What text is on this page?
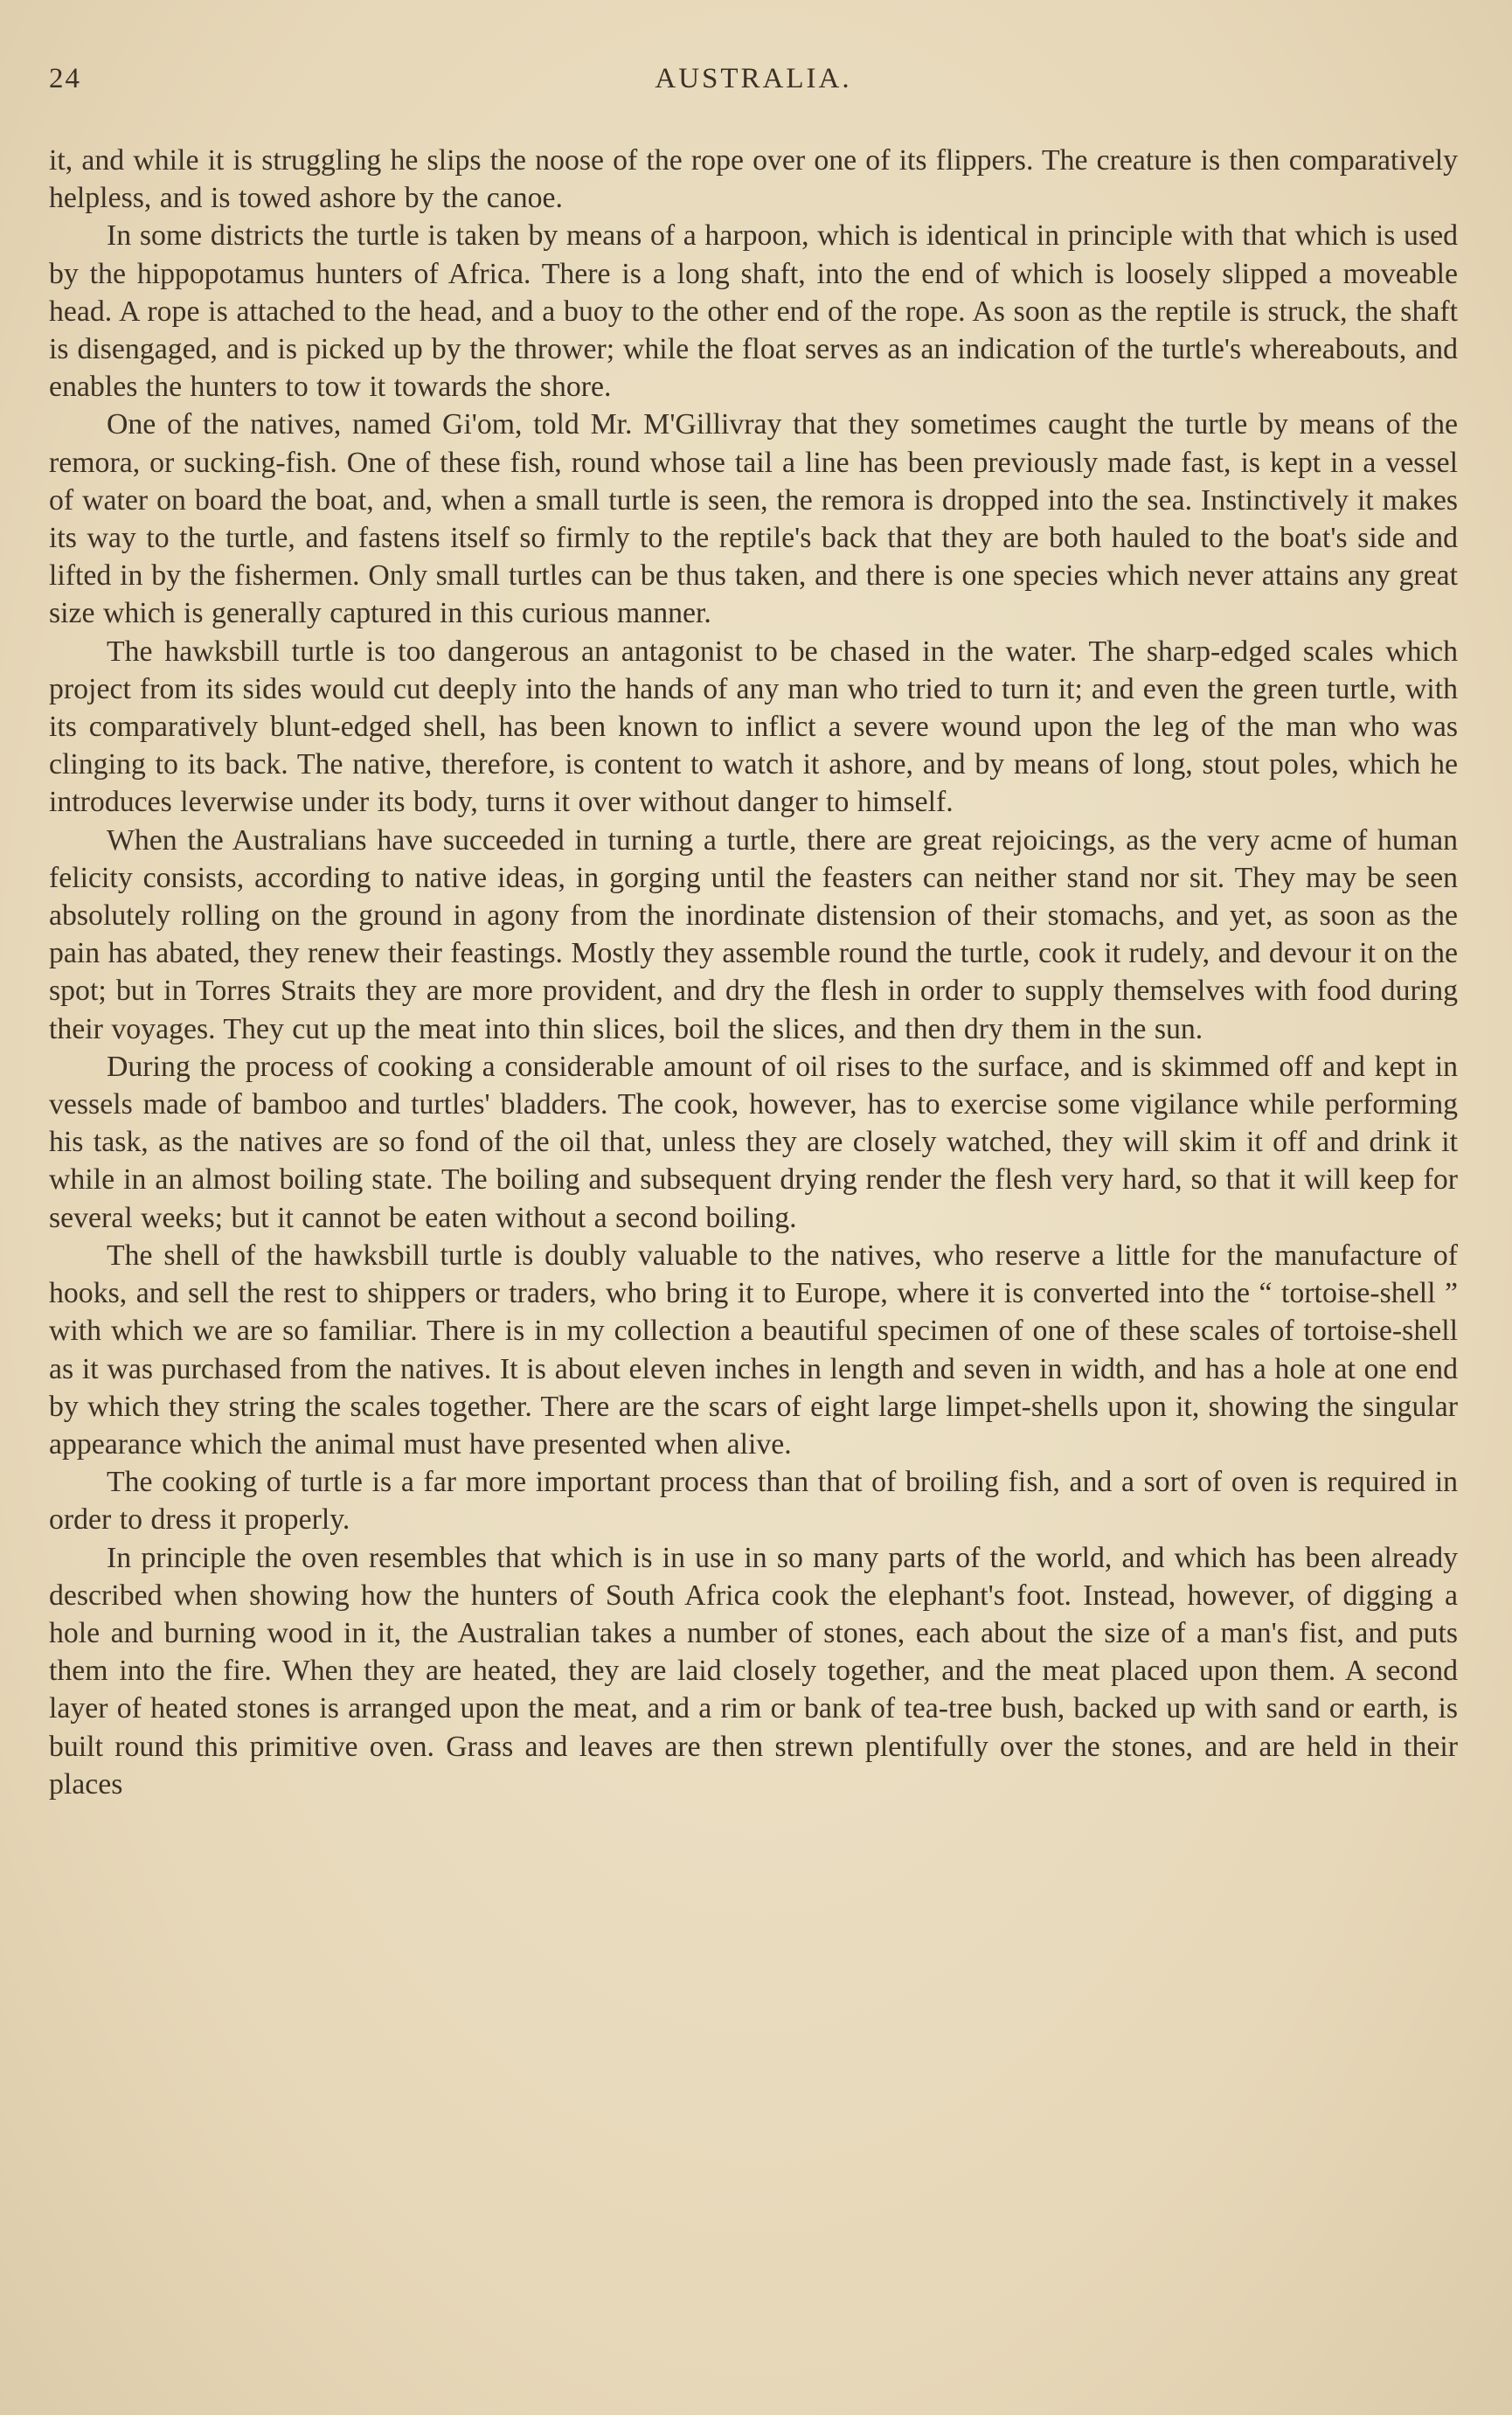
24	AUSTRALIA.

it, and while it is struggling he slips the noose of the rope over one of its flippers. The creature is then comparatively helpless, and is towed ashore by the canoe.

In some districts the turtle is taken by means of a harpoon, which is identical in principle with that which is used by the hippopotamus hunters of Africa. There is a long shaft, into the end of which is loosely slipped a moveable head. A rope is attached to the head, and a buoy to the other end of the rope. As soon as the reptile is struck, the shaft is disengaged, and is picked up by the thrower; while the float serves as an indication of the turtle's whereabouts, and enables the hunters to tow it towards the shore.

One of the natives, named Gi'om, told Mr. M'Gillivray that they sometimes caught the turtle by means of the remora, or sucking-fish. One of these fish, round whose tail a line has been previously made fast, is kept in a vessel of water on board the boat, and, when a small turtle is seen, the remora is dropped into the sea. Instinctively it makes its way to the turtle, and fastens itself so firmly to the reptile's back that they are both hauled to the boat's side and lifted in by the fishermen. Only small turtles can be thus taken, and there is one species which never attains any great size which is generally captured in this curious manner.

The hawksbill turtle is too dangerous an antagonist to be chased in the water. The sharp-edged scales which project from its sides would cut deeply into the hands of any man who tried to turn it; and even the green turtle, with its comparatively blunt-edged shell, has been known to inflict a severe wound upon the leg of the man who was clinging to its back. The native, therefore, is content to watch it ashore, and by means of long, stout poles, which he introduces leverwise under its body, turns it over without danger to himself.

When the Australians have succeeded in turning a turtle, there are great rejoicings, as the very acme of human felicity consists, according to native ideas, in gorging until the feasters can neither stand nor sit. They may be seen absolutely rolling on the ground in agony from the inordinate distension of their stomachs, and yet, as soon as the pain has abated, they renew their feastings. Mostly they assemble round the turtle, cook it rudely, and devour it on the spot; but in Torres Straits they are more provident, and dry the flesh in order to supply themselves with food during their voyages. They cut up the meat into thin slices, boil the slices, and then dry them in the sun.

During the process of cooking a considerable amount of oil rises to the surface, and is skimmed off and kept in vessels made of bamboo and turtles' bladders. The cook, however, has to exercise some vigilance while performing his task, as the natives are so fond of the oil that, unless they are closely watched, they will skim it off and drink it while in an almost boiling state. The boiling and subsequent drying render the flesh very hard, so that it will keep for several weeks; but it cannot be eaten without a second boiling.

The shell of the hawksbill turtle is doubly valuable to the natives, who reserve a little for the manufacture of hooks, and sell the rest to shippers or traders, who bring it to Europe, where it is converted into the “ tortoise-shell ” with which we are so familiar. There is in my collection a beautiful specimen of one of these scales of tortoise-shell as it was purchased from the natives. It is about eleven inches in length and seven in width, and has a hole at one end by which they string the scales together. There are the scars of eight large limpet-shells upon it, showing the singular appearance which the animal must have presented when alive.

The cooking of turtle is a far more important process than that of broiling fish, and a sort of oven is required in order to dress it properly.

In principle the oven resembles that which is in use in so many parts of the world, and which has been already described when showing how the hunters of South Africa cook the elephant's foot. Instead, however, of digging a hole and burning wood in it, the Australian takes a number of stones, each about the size of a man's fist, and puts them into the fire. When they are heated, they are laid closely together, and the meat placed upon them. A second layer of heated stones is arranged upon the meat, and a rim or bank of tea-tree bush, backed up with sand or earth, is built round this primitive oven. Grass and leaves are then strewn plentifully over the stones, and are held in their places
